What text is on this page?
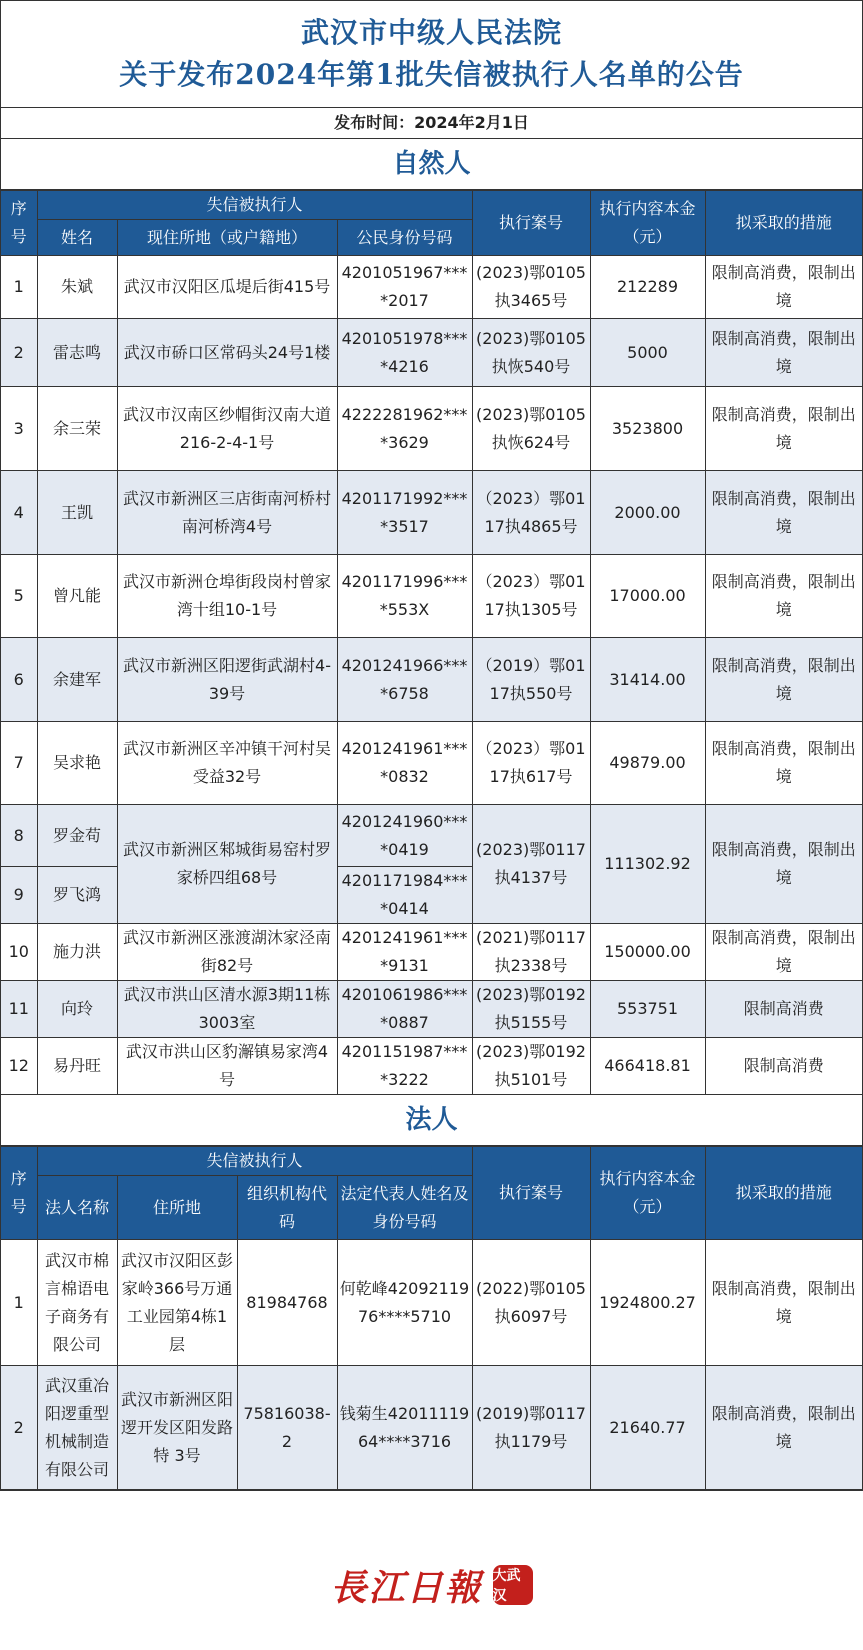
武汉市中级人民法院
关于发布2024年第1批失信被执行人名单的公告
发布时间：2024年2月1日
自然人
序号	失信被执行人			执行案号	执行内容本金（元）	拟采取的措施
	姓名	现住所地（或户籍地）	公民身份号码			
1	朱斌	武汉市汉阳区瓜堤后街415号	4201051967****2017	(2023)鄂0105执3465号	212289	限制高消费，限制出境
2	雷志鸣	武汉市硚口区常码头24号1楼	4201051978****4216	(2023)鄂0105执恢540号	5000	限制高消费，限制出境
3	余三荣	武汉市汉南区纱帽街汉南大道216-2-4-1号	4222281962****3629	(2023)鄂0105执恢624号	3523800	限制高消费，限制出境
4	王凯	武汉市新洲区三店街南河桥村南河桥湾4号	4201171992****3517	（2023）鄂0117执4865号	2000.00	限制高消费，限制出境
5	曾凡能	武汉市新洲仓埠街段岗村曾家湾十组10-1号	4201171996****553X	（2023）鄂0117执1305号	17000.00	限制高消费，限制出境
6	余建军	武汉市新洲区阳逻街武湖村4-39号	4201241966****6758	（2019）鄂0117执550号	31414.00	限制高消费，限制出境
7	吴求艳	武汉市新洲区辛冲镇干河村吴受益32号	4201241961****0832	（2023）鄂0117执617号	49879.00	限制高消费，限制出境
8	罗金苟	武汉市新洲区邾城街易窑村罗家桥四组68号	4201241960****0419	(2023)鄂0117执4137号	111302.92	限制高消费，限制出境
9	罗飞鸿		4201171984****0414			
10	施力洪	武汉市新洲区涨渡湖沐家泾南街82号	4201241961****9131	(2021)鄂0117执2338号	150000.00	限制高消费，限制出境
11	向玲	武汉市洪山区清水源3期11栋3003室	4201061986****0887	(2023)鄂0192执5155号	553751	限制高消费
12	易丹旺	武汉市洪山区豹澥镇易家湾4号	4201151987****3222	(2023)鄂0192执5101号	466418.81	限制高消费
法人
序号	失信被执行人				执行案号	执行内容本金（元）	拟采取的措施
	法人名称	住所地	组织机构代码	法定代表人姓名及身份号码			
1	武汉市棉言棉语电子商务有限公司	武汉市汉阳区彭家岭366号万通工业园第4栋1层	81984768	何乾峰4209211976****5710	(2022)鄂0105执6097号	1924800.27	限制高消费，限制出境
2	武汉重冶阳逻重型机械制造有限公司	武汉市新洲区阳逻开发区阳发路特 3号	75816038-2	钱菊生4201111964****3716	(2019)鄂0117执1179号	21640.77	限制高消费，限制出境
長江日報 大武汉
